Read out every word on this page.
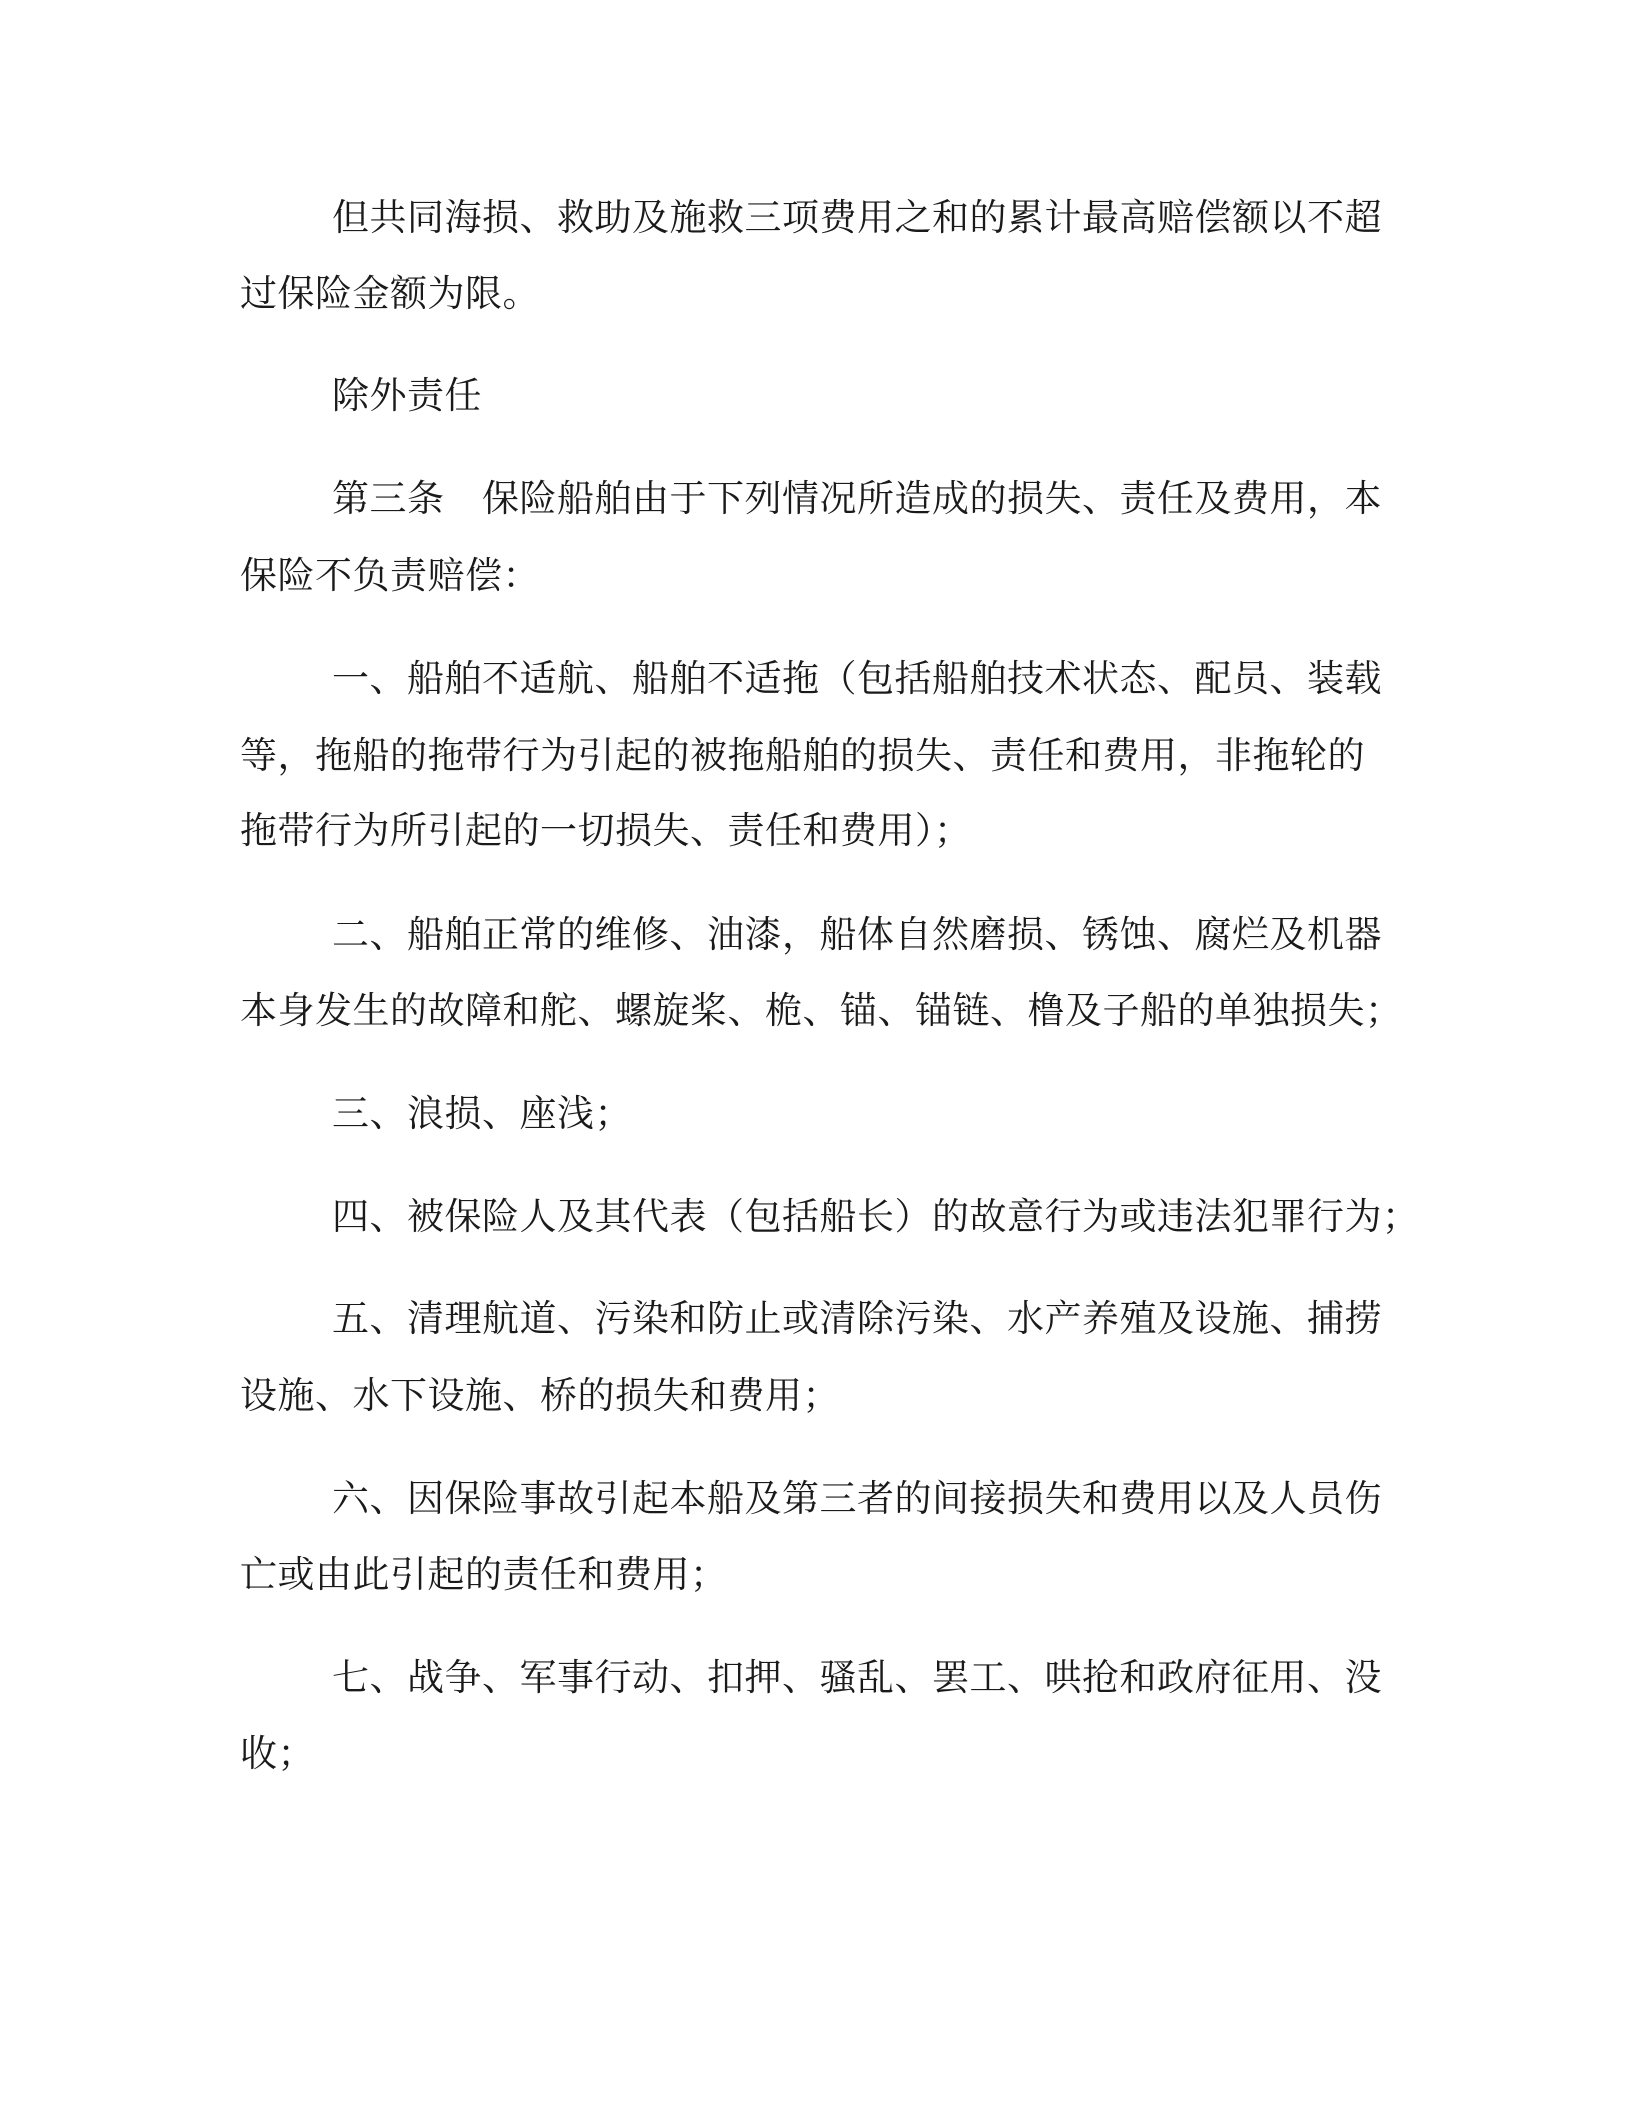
但共同海损、救助及施救三项费用之和的累计最高赔偿额以不超
过保险金额为限。
除外责任
第三条　保险船舶由于下列情况所造成的损失、责任及费用，本
保险不负责赔偿：
一、船舶不适航、船舶不适拖（包括船舶技术状态、配员、装载
等，拖船的拖带行为引起的被拖船舶的损失、责任和费用，非拖轮的
拖带行为所引起的一切损失、责任和费用）；
二、船舶正常的维修、油漆，船体自然磨损、锈蚀、腐烂及机器
本身发生的故障和舵、螺旋桨、桅、锚、锚链、橹及子船的单独损失；
三、浪损、座浅；
四、被保险人及其代表（包括船长）的故意行为或违法犯罪行为；
五、清理航道、污染和防止或清除污染、水产养殖及设施、捕捞
设施、水下设施、桥的损失和费用；
六、因保险事故引起本船及第三者的间接损失和费用以及人员伤
亡或由此引起的责任和费用；
七、战争、军事行动、扣押、骚乱、罢工、哄抢和政府征用、没
收；
